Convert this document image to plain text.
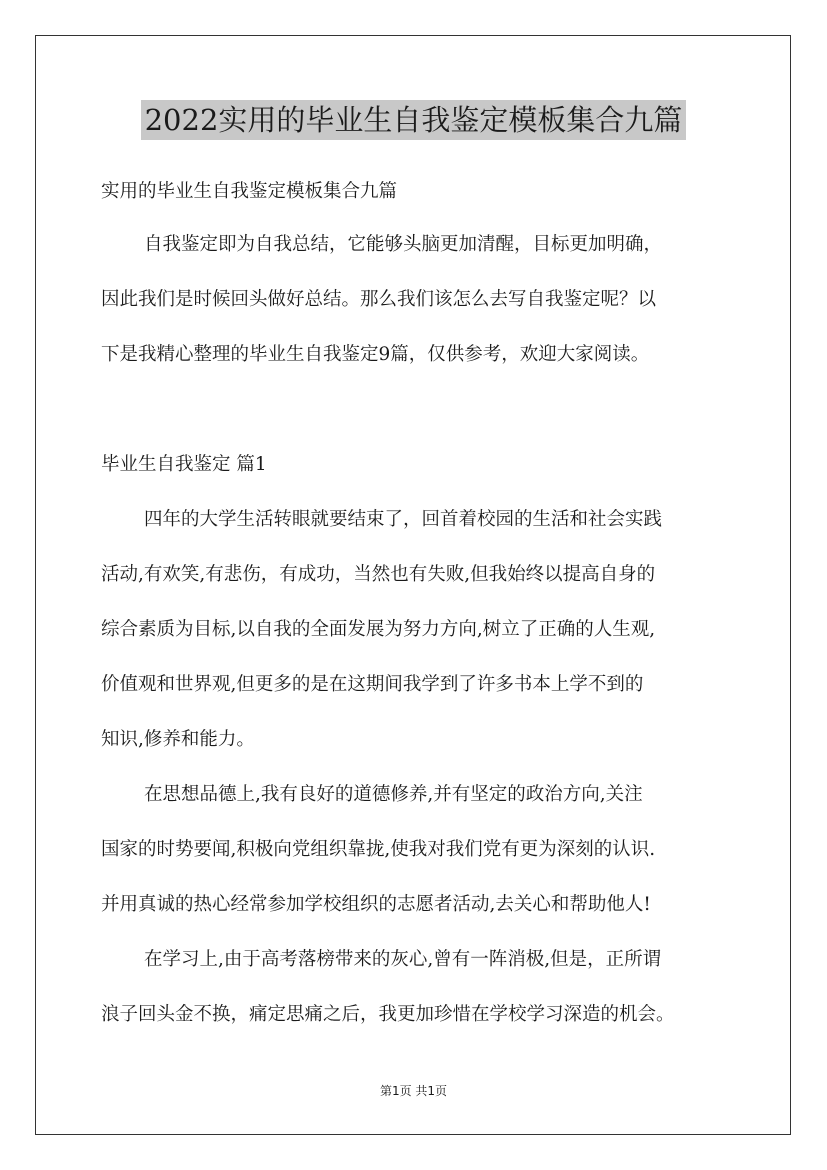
2022实用的毕业生自我鉴定模板集合九篇
实用的毕业生自我鉴定模板集合九篇
自我鉴定即为自我总结，它能够头脑更加清醒，目标更加明确，
因此我们是时候回头做好总结。那么我们该怎么去写自我鉴定呢？以
下是我精心整理的毕业生自我鉴定9篇，仅供参考，欢迎大家阅读。
毕业生自我鉴定 篇1
四年的大学生活转眼就要结束了，回首着校园的生活和社会实践
活动,有欢笑,有悲伤，有成功，当然也有失败,但我始终以提高自身的
综合素质为目标,以自我的全面发展为努力方向,树立了正确的人生观,
价值观和世界观,但更多的是在这期间我学到了许多书本上学不到的
知识,修养和能力。
在思想品德上,我有良好的道德修养,并有坚定的政治方向,关注
国家的时势要闻,积极向党组织靠拢,使我对我们党有更为深刻的认识.
并用真诚的热心经常参加学校组织的志愿者活动,去关心和帮助他人!
在学习上,由于高考落榜带来的灰心,曾有一阵消极,但是，正所谓
浪子回头金不换，痛定思痛之后，我更加珍惜在学校学习深造的机会。
第1页 共1页
